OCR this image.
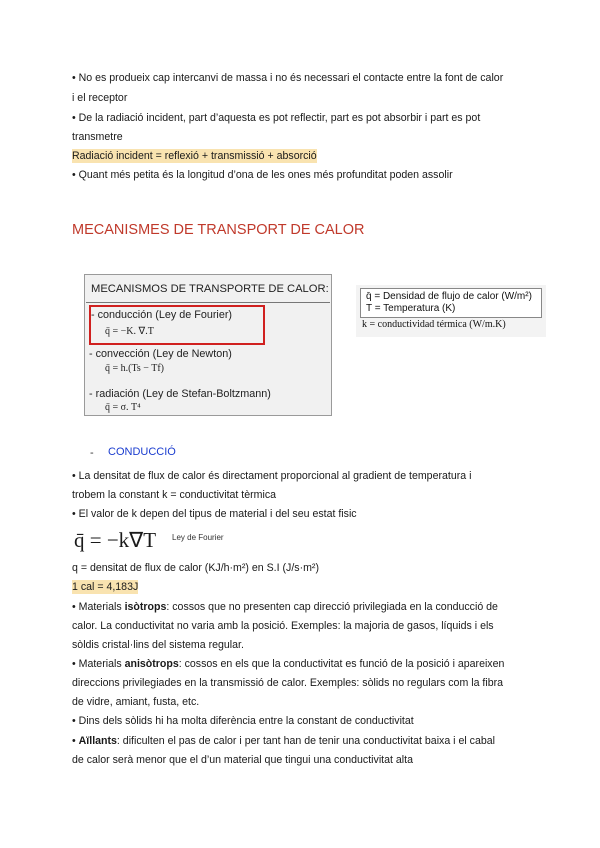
• No es produeix cap intercanvi de massa i no és necessari el contacte entre la font de calor
i el receptor
• De la radiació incident, part d’aquesta es pot reflectir, part es pot absorbir i part es pot
transmetre
Radiació incident = reflexió + transmissió + absorció
• Quant més petita és la longitud d’ona de les ones més profunditat poden assolir
MECANISMES DE TRANSPORT DE CALOR
MECANISMOS DE TRANSPORTE DE CALOR:
- conducción (Ley de Fourier)
q̄ = −K. ∇.T
- convección (Ley de Newton)
q̄ = h.(Ts − Tf)
- radiación (Ley de Stefan-Boltzmann)
q̄ = σ. T⁴
q̄ = Densidad de flujo de calor (W/m²)
T = Temperatura (K)
k = conductividad térmica (W/m.K)
- CONDUCCIÓ
• La densitat de flux de calor és directament proporcional al gradient de temperatura i
trobem la constant k = conductivitat tèrmica
• El valor de k depen del tipus de material i del seu estat fisic
q̄ = −k∇T Ley de Fourier
q = densitat de flux de calor (KJ/h·m²) en S.I (J/s·m²)
1 cal = 4,183J
• Materials isòtrops: cossos que no presenten cap direcció privilegiada en la conducció de
calor. La conductivitat no varia amb la posició. Exemples: la majoria de gasos, líquids i els
sòldis cristal·lins del sistema regular.
• Materials anisòtrops: cossos en els que la conductivitat es funció de la posició i apareixen
direccions privilegiades en la transmissió de calor. Exemples: sòlids no regulars com la fibra
de vidre, amiant, fusta, etc.
• Dins dels sòlids hi ha molta diferència entre la constant de conductivitat
• Aïllants: dificulten el pas de calor i per tant han de tenir una conductivitat baixa i el cabal
de calor serà menor que el d’un material que tingui una conductivitat alta
